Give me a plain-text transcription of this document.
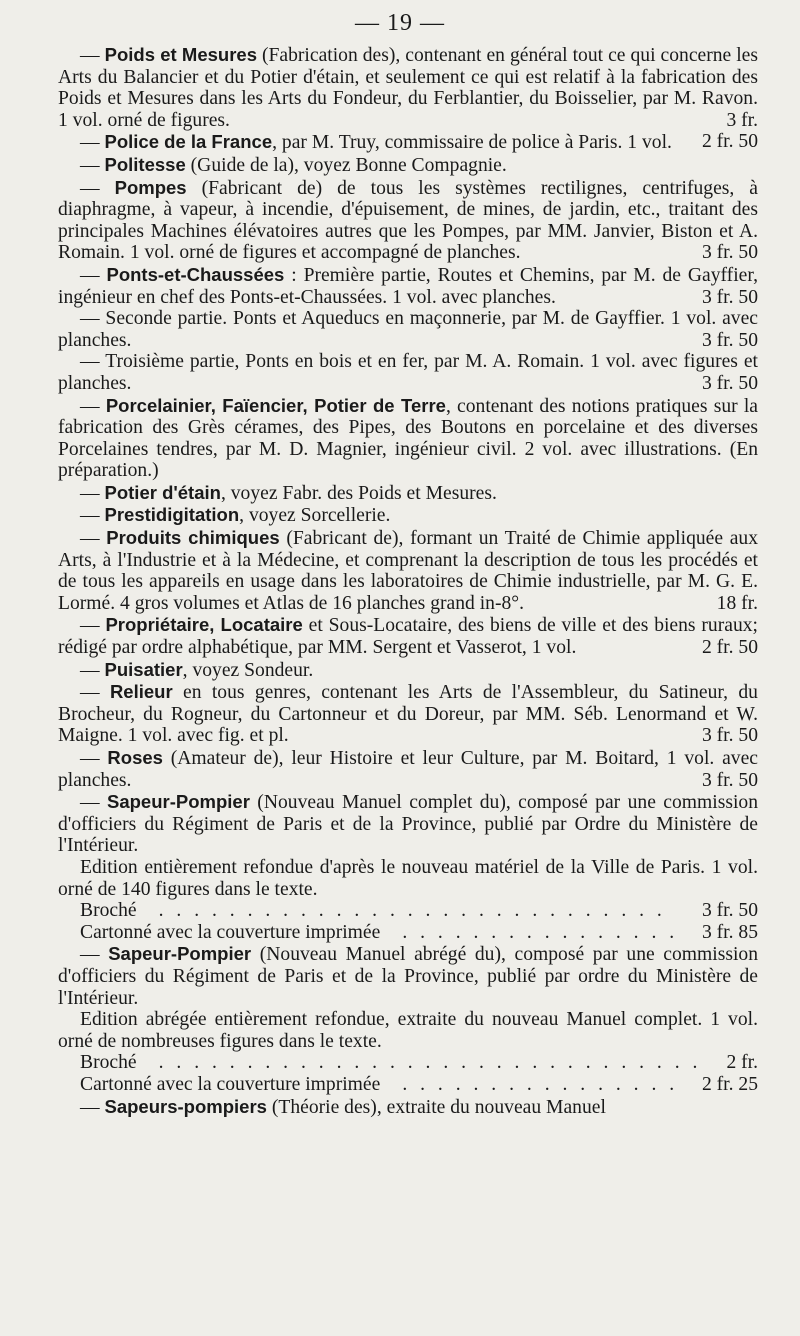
— 19 —

— Poids et Mesures (Fabrication des), contenant en général tout ce qui concerne les Arts du Balancier et du Potier d'étain, et seulement ce qui est relatif à la fabrication des Poids et Mesures dans les Arts du Fondeur, du Ferblantier, du Boisselier, par M. Ravon. 1 vol. orné de figures.	3 fr.

— Police de la France, par M. Truy, commissaire de police à Paris. 1 vol.	2 fr. 50

— Politesse (Guide de la), voyez Bonne Compagnie.

— Pompes (Fabricant de) de tous les systèmes rectilignes, centrifuges, à diaphragme, à vapeur, à incendie, d'épuisement, de mines, de jardin, etc., traitant des principales Machines élévatoires autres que les Pompes, par MM. Janvier, Biston et A. Romain. 1 vol. orné de figures et accompagné de planches.	3 fr. 50

— Ponts-et-Chaussées : Première partie, Routes et Chemins, par M. de Gayffier, ingénieur en chef des Ponts-et-Chaussées. 1 vol. avec planches.	3 fr. 50

— Seconde partie. Ponts et Aqueducs en maçonnerie, par M. de Gayffier. 1 vol. avec planches.	3 fr. 50

— Troisième partie, Ponts en bois et en fer, par M. A. Romain. 1 vol. avec figures et planches.	3 fr. 50

— Porcelainier, Faïencier, Potier de Terre, contenant des notions pratiques sur la fabrication des Grès cérames, des Pipes, des Boutons en porcelaine et des diverses Porcelaines tendres, par M. D. Magnier, ingénieur civil. 2 vol. avec illustrations. (En préparation.)

— Potier d'étain, voyez Fabr. des Poids et Mesures.

— Prestidigitation, voyez Sorcellerie.

— Produits chimiques (Fabricant de), formant un Traité de Chimie appliquée aux Arts, à l'Industrie et à la Médecine, et comprenant la description de tous les procédés et de tous les appareils en usage dans les laboratoires de Chimie industrielle, par M. G. E. Lormé. 4 gros volumes et Atlas de 16 planches grand in-8°.	18 fr.

— Propriétaire, Locataire et Sous-Locataire, des biens de ville et des biens ruraux; rédigé par ordre alphabétique, par MM. Sergent et Vasserot, 1 vol.	2 fr. 50

— Puisatier, voyez Sondeur.

— Relieur en tous genres, contenant les Arts de l'Assembleur, du Satineur, du Brocheur, du Rogneur, du Cartonneur et du Doreur, par MM. Séb. Lenormand et W. Maigne. 1 vol. avec fig. et pl.	3 fr. 50

— Roses (Amateur de), leur Histoire et leur Culture, par M. Boitard, 1 vol. avec planches.	3 fr. 50

— Sapeur-Pompier (Nouveau Manuel complet du), composé par une commission d'officiers du Régiment de Paris et de la Province, publié par Ordre du Ministère de l'Intérieur.

Edition entièrement refondue d'après le nouveau matériel de la Ville de Paris. 1 vol. orné de 140 figures dans le texte.

Broché . . .	3 fr. 50
Cartonné avec la couverture imprimée . . .	3 fr. 85

— Sapeur-Pompier (Nouveau Manuel abrégé du), composé par une commission d'officiers du Régiment de Paris et de la Province, publié par ordre du Ministère de l'Intérieur.

Edition abrégée entièrement refondue, extraite du nouveau Manuel complet. 1 vol. orné de nombreuses figures dans le texte.

Broché . . .	2 fr.
Cartonné avec la couverture imprimée . . .	2 fr. 25

— Sapeurs-pompiers (Théorie des), extraite du nouveau Manuel
